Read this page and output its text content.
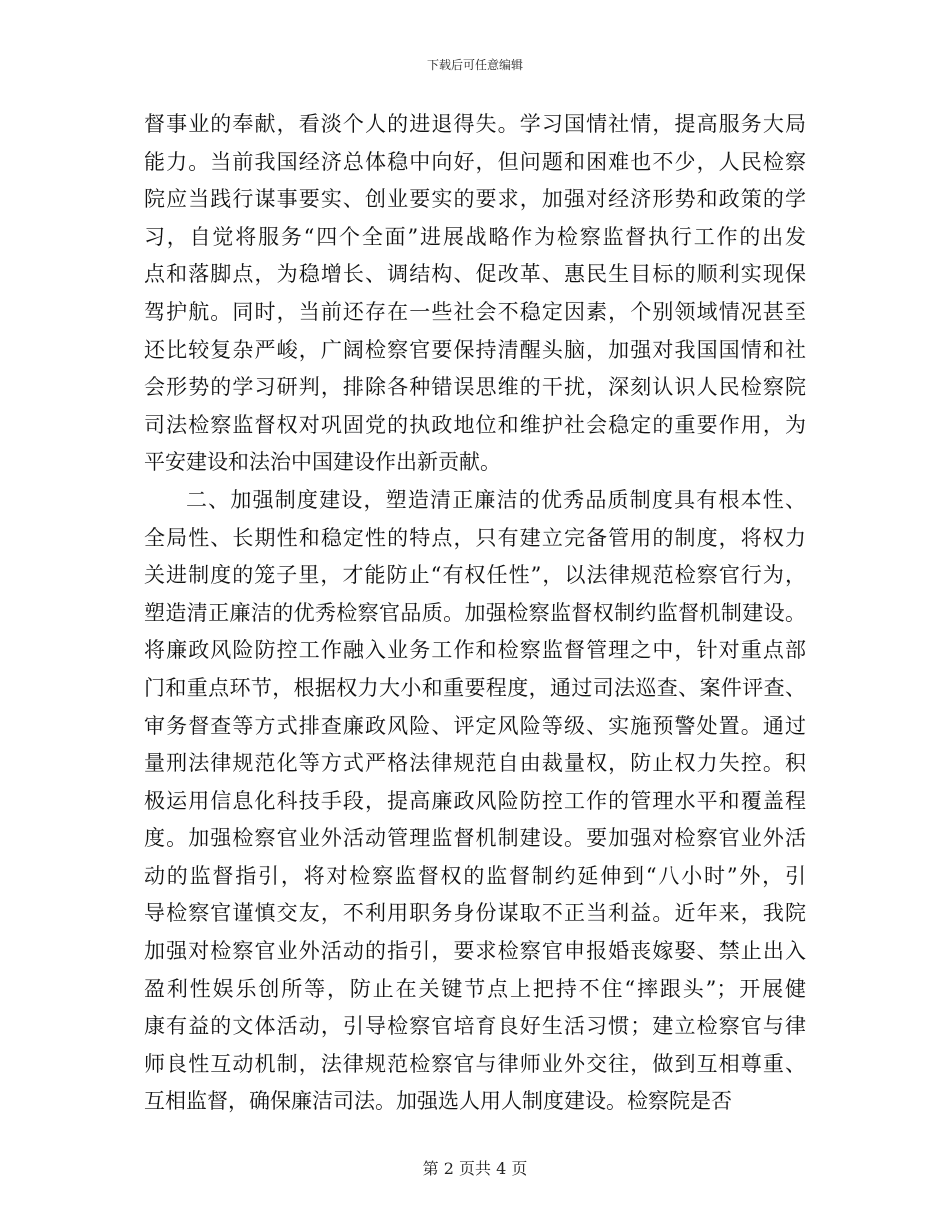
下载后可任意编辑
督事业的奉献，看淡个人的进退得失。学习国情社情，提高服务大局
能力。当前我国经济总体稳中向好，但问题和困难也不少，人民检察
院应当践行谋事要实、创业要实的要求，加强对经济形势和政策的学
习，自觉将服务“四个全面”进展战略作为检察监督执行工作的出发
点和落脚点，为稳增长、调结构、促改革、惠民生目标的顺利实现保
驾护航。同时，当前还存在一些社会不稳定因素，个别领域情况甚至
还比较复杂严峻，广阔检察官要保持清醒头脑，加强对我国国情和社
会形势的学习研判，排除各种错误思维的干扰，深刻认识人民检察院
司法检察监督权对巩固党的执政地位和维护社会稳定的重要作用，为
平安建设和法治中国建设作出新贡献。
二、加强制度建设，塑造清正廉洁的优秀品质制度具有根本性、
全局性、长期性和稳定性的特点，只有建立完备管用的制度，将权力
关进制度的笼子里，才能防止“有权任性”，以法律规范检察官行为，
塑造清正廉洁的优秀检察官品质。加强检察监督权制约监督机制建设。
将廉政风险防控工作融入业务工作和检察监督管理之中，针对重点部
门和重点环节，根据权力大小和重要程度，通过司法巡查、案件评查、
审务督查等方式排查廉政风险、评定风险等级、实施预警处置。通过
量刑法律规范化等方式严格法律规范自由裁量权，防止权力失控。积
极运用信息化科技手段，提高廉政风险防控工作的管理水平和覆盖程
度。加强检察官业外活动管理监督机制建设。要加强对检察官业外活
动的监督指引，将对检察监督权的监督制约延伸到“八小时”外，引
导检察官谨慎交友，不利用职务身份谋取不正当利益。近年来，我院
加强对检察官业外活动的指引，要求检察官申报婚丧嫁娶、禁止出入
盈利性娱乐创所等，防止在关键节点上把持不住“摔跟头”；开展健
康有益的文体活动，引导检察官培育良好生活习惯；建立检察官与律
师良性互动机制，法律规范检察官与律师业外交往，做到互相尊重、
互相监督，确保廉洁司法。加强选人用人制度建设。检察院是否
第 2 页共 4 页
